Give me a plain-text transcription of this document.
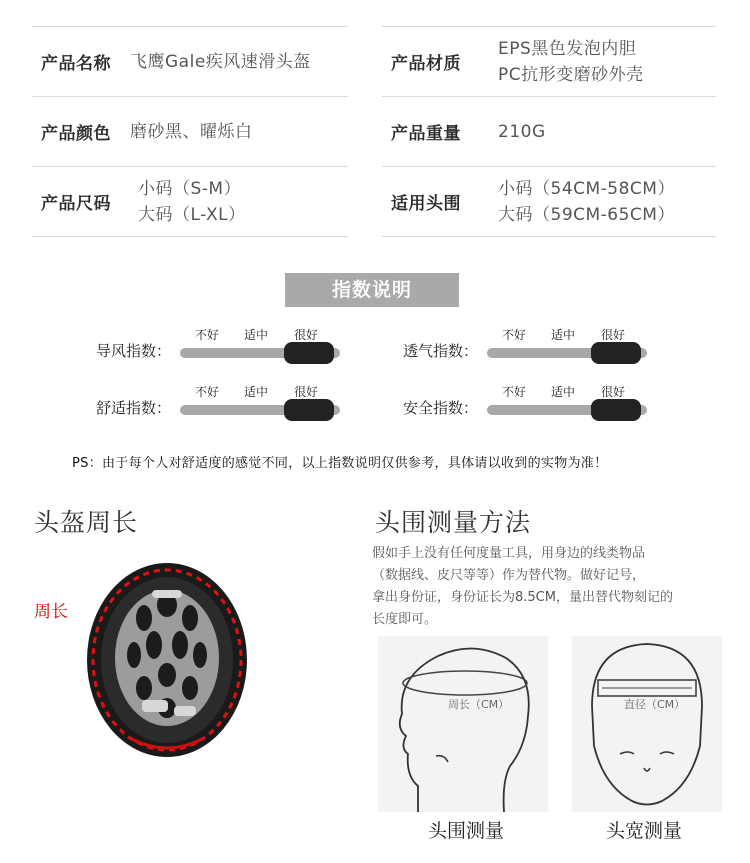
产品名称	飞鹰Gale疾风速滑头盔
产品颜色	磨砂黑、曜烁白
产品尺码
小码（S-M）
大码（L-XL）
产品材质
EPS黑色发泡内胆
PC抗形变磨砂外壳
产品重量	210G
适用头围
小码（54CM-58CM）
大码（59CM-65CM）
指数说明
导风指数：
不好 适中 很好
透气指数：
不好 适中 很好
舒适指数：
不好 适中 很好
安全指数：
不好 适中 很好
PS：由于每个人对舒适度的感觉不同，以上指数说明仅供参考，具体请以收到的实物为准！
头盔周长
周长
头围测量方法
假如手上没有任何度量工具，用身边的线类物品
（数据线、皮尺等等）作为替代物。做好记号，
拿出身份证，身份证长为8.5CM，量出替代物刻记的
长度即可。
周长（CM）	直径（CM）
头围测量	头宽测量
